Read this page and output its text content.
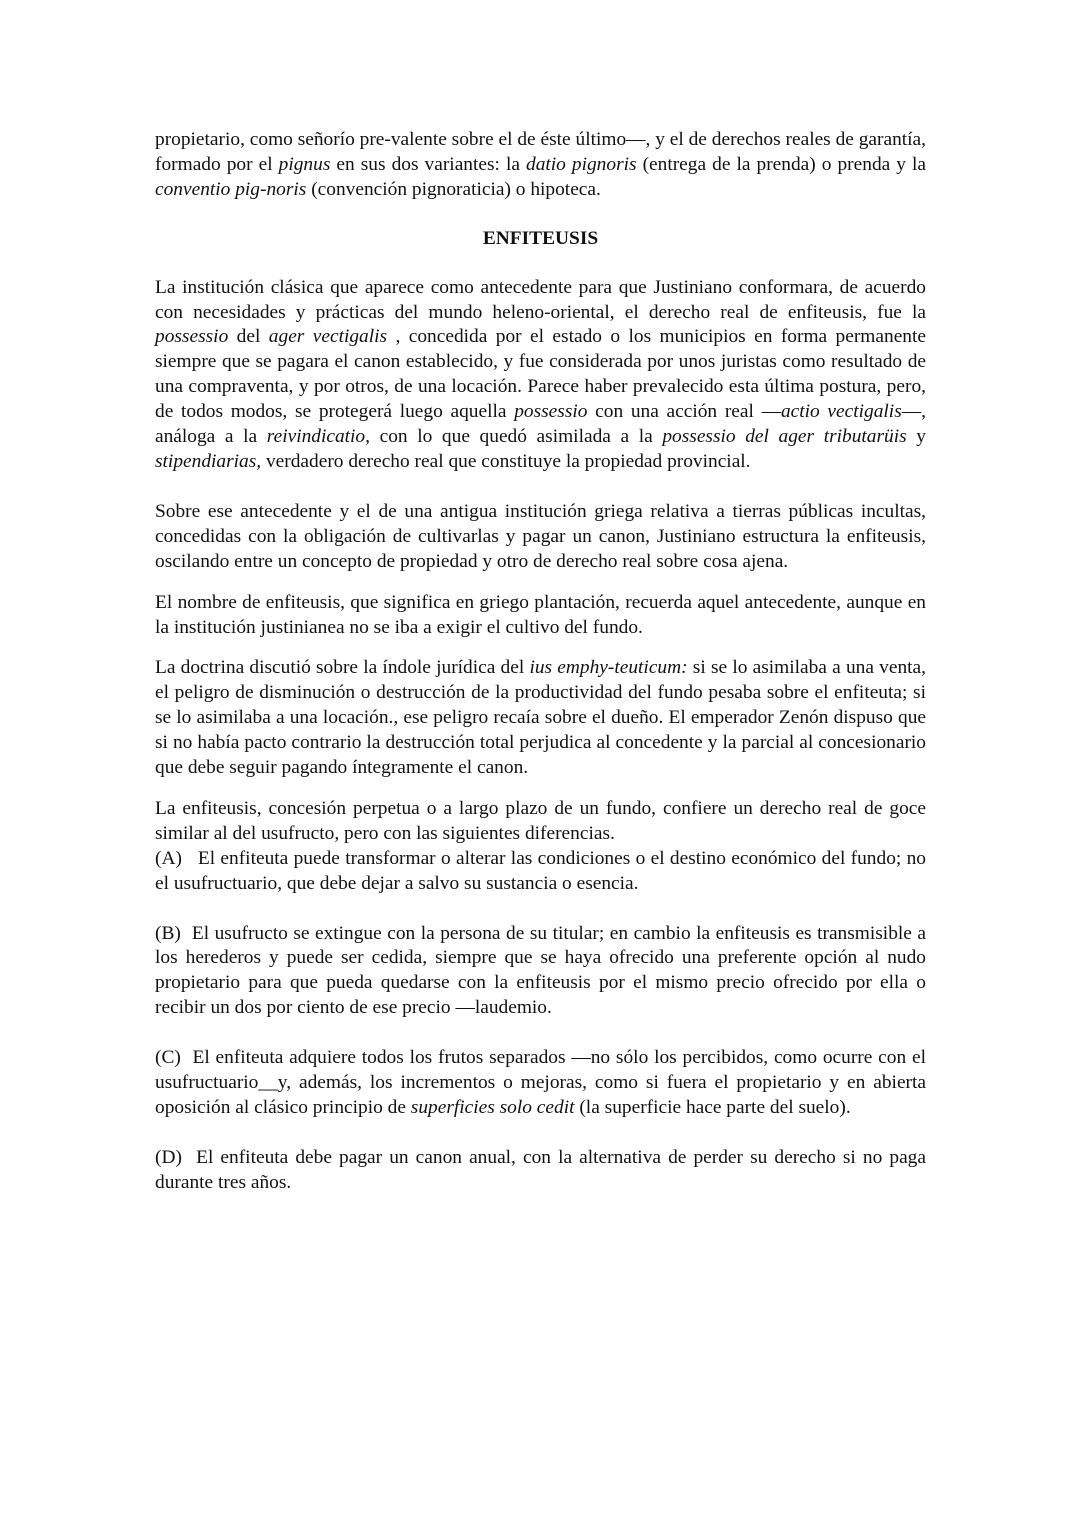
propietario, como señorío pre-valente sobre el de éste último—, y el de derechos reales de garantía, formado por el pignus en sus dos variantes: la datio pignoris (entrega de la prenda) o prenda y la conventio pig-noris (convención pignoraticia) o hipoteca.

ENFITEUSIS

La institución clásica que aparece como antecedente para que Justiniano conformara, de acuerdo con necesidades y prácticas del mundo heleno-oriental, el derecho real de enfiteusis, fue la possessio del ager vectigalis , concedida por el estado o los municipios en forma permanente siempre que se pagara el canon establecido, y fue considerada por unos juristas como resultado de una compraventa, y por otros, de una locación. Parece haber prevalecido esta última postura, pero, de todos modos, se protegerá luego aquella possessio con una acción real —actio vectigalis—, análoga a la reivindicatio, con lo que quedó asimilada a la possessio del ager tributarüis y stipendiarias, verdadero derecho real que constituye la propiedad provincial.

Sobre ese antecedente y el de una antigua institución griega relativa a tierras públicas incultas, concedidas con la obligación de cultivarlas y pagar un canon, Justiniano estructura la enfiteusis, oscilando entre un concepto de propiedad y otro de derecho real sobre cosa ajena.

El nombre de enfiteusis, que significa en griego plantación, recuerda aquel antecedente, aunque en la institución justinianea no se iba a exigir el cultivo del fundo.

La doctrina discutió sobre la índole jurídica del ius emphy-teuticum: si se lo asimilaba a una venta, el peligro de disminución o destrucción de la productividad del fundo pesaba sobre el enfiteuta; si se lo asimilaba a una locación., ese peligro recaía sobre el dueño. El emperador Zenón dispuso que si no había pacto contrario la destrucción total perjudica al concedente y la parcial al concesionario que debe seguir pagando íntegramente el canon.

La enfiteusis, concesión perpetua o a largo plazo de un fundo, confiere un derecho real de goce similar al del usufructo, pero con las siguientes diferencias.

(A)   El enfiteuta puede transformar o alterar las condiciones o el destino económico del fundo; no el usufructuario, que debe dejar a salvo su sustancia o esencia.

(B)  El usufructo se extingue con la persona de su titular; en cambio la enfiteusis es transmisible a los herederos y puede ser cedida, siempre que se haya ofrecido una preferente opción al nudo propietario para que pueda quedarse con la enfiteusis por el mismo precio ofrecido por ella o recibir un dos por ciento de ese precio —laudemio.

(C)  El enfiteuta adquiere todos los frutos separados —no sólo los percibidos, como ocurre con el usufructuario__y, además, los incrementos o mejoras, como si fuera el propietario y en abierta oposición al clásico principio de superficies solo cedit (la superficie hace parte del suelo).

(D)  El enfiteuta debe pagar un canon anual, con la alternativa de perder su derecho si no paga durante tres años.
